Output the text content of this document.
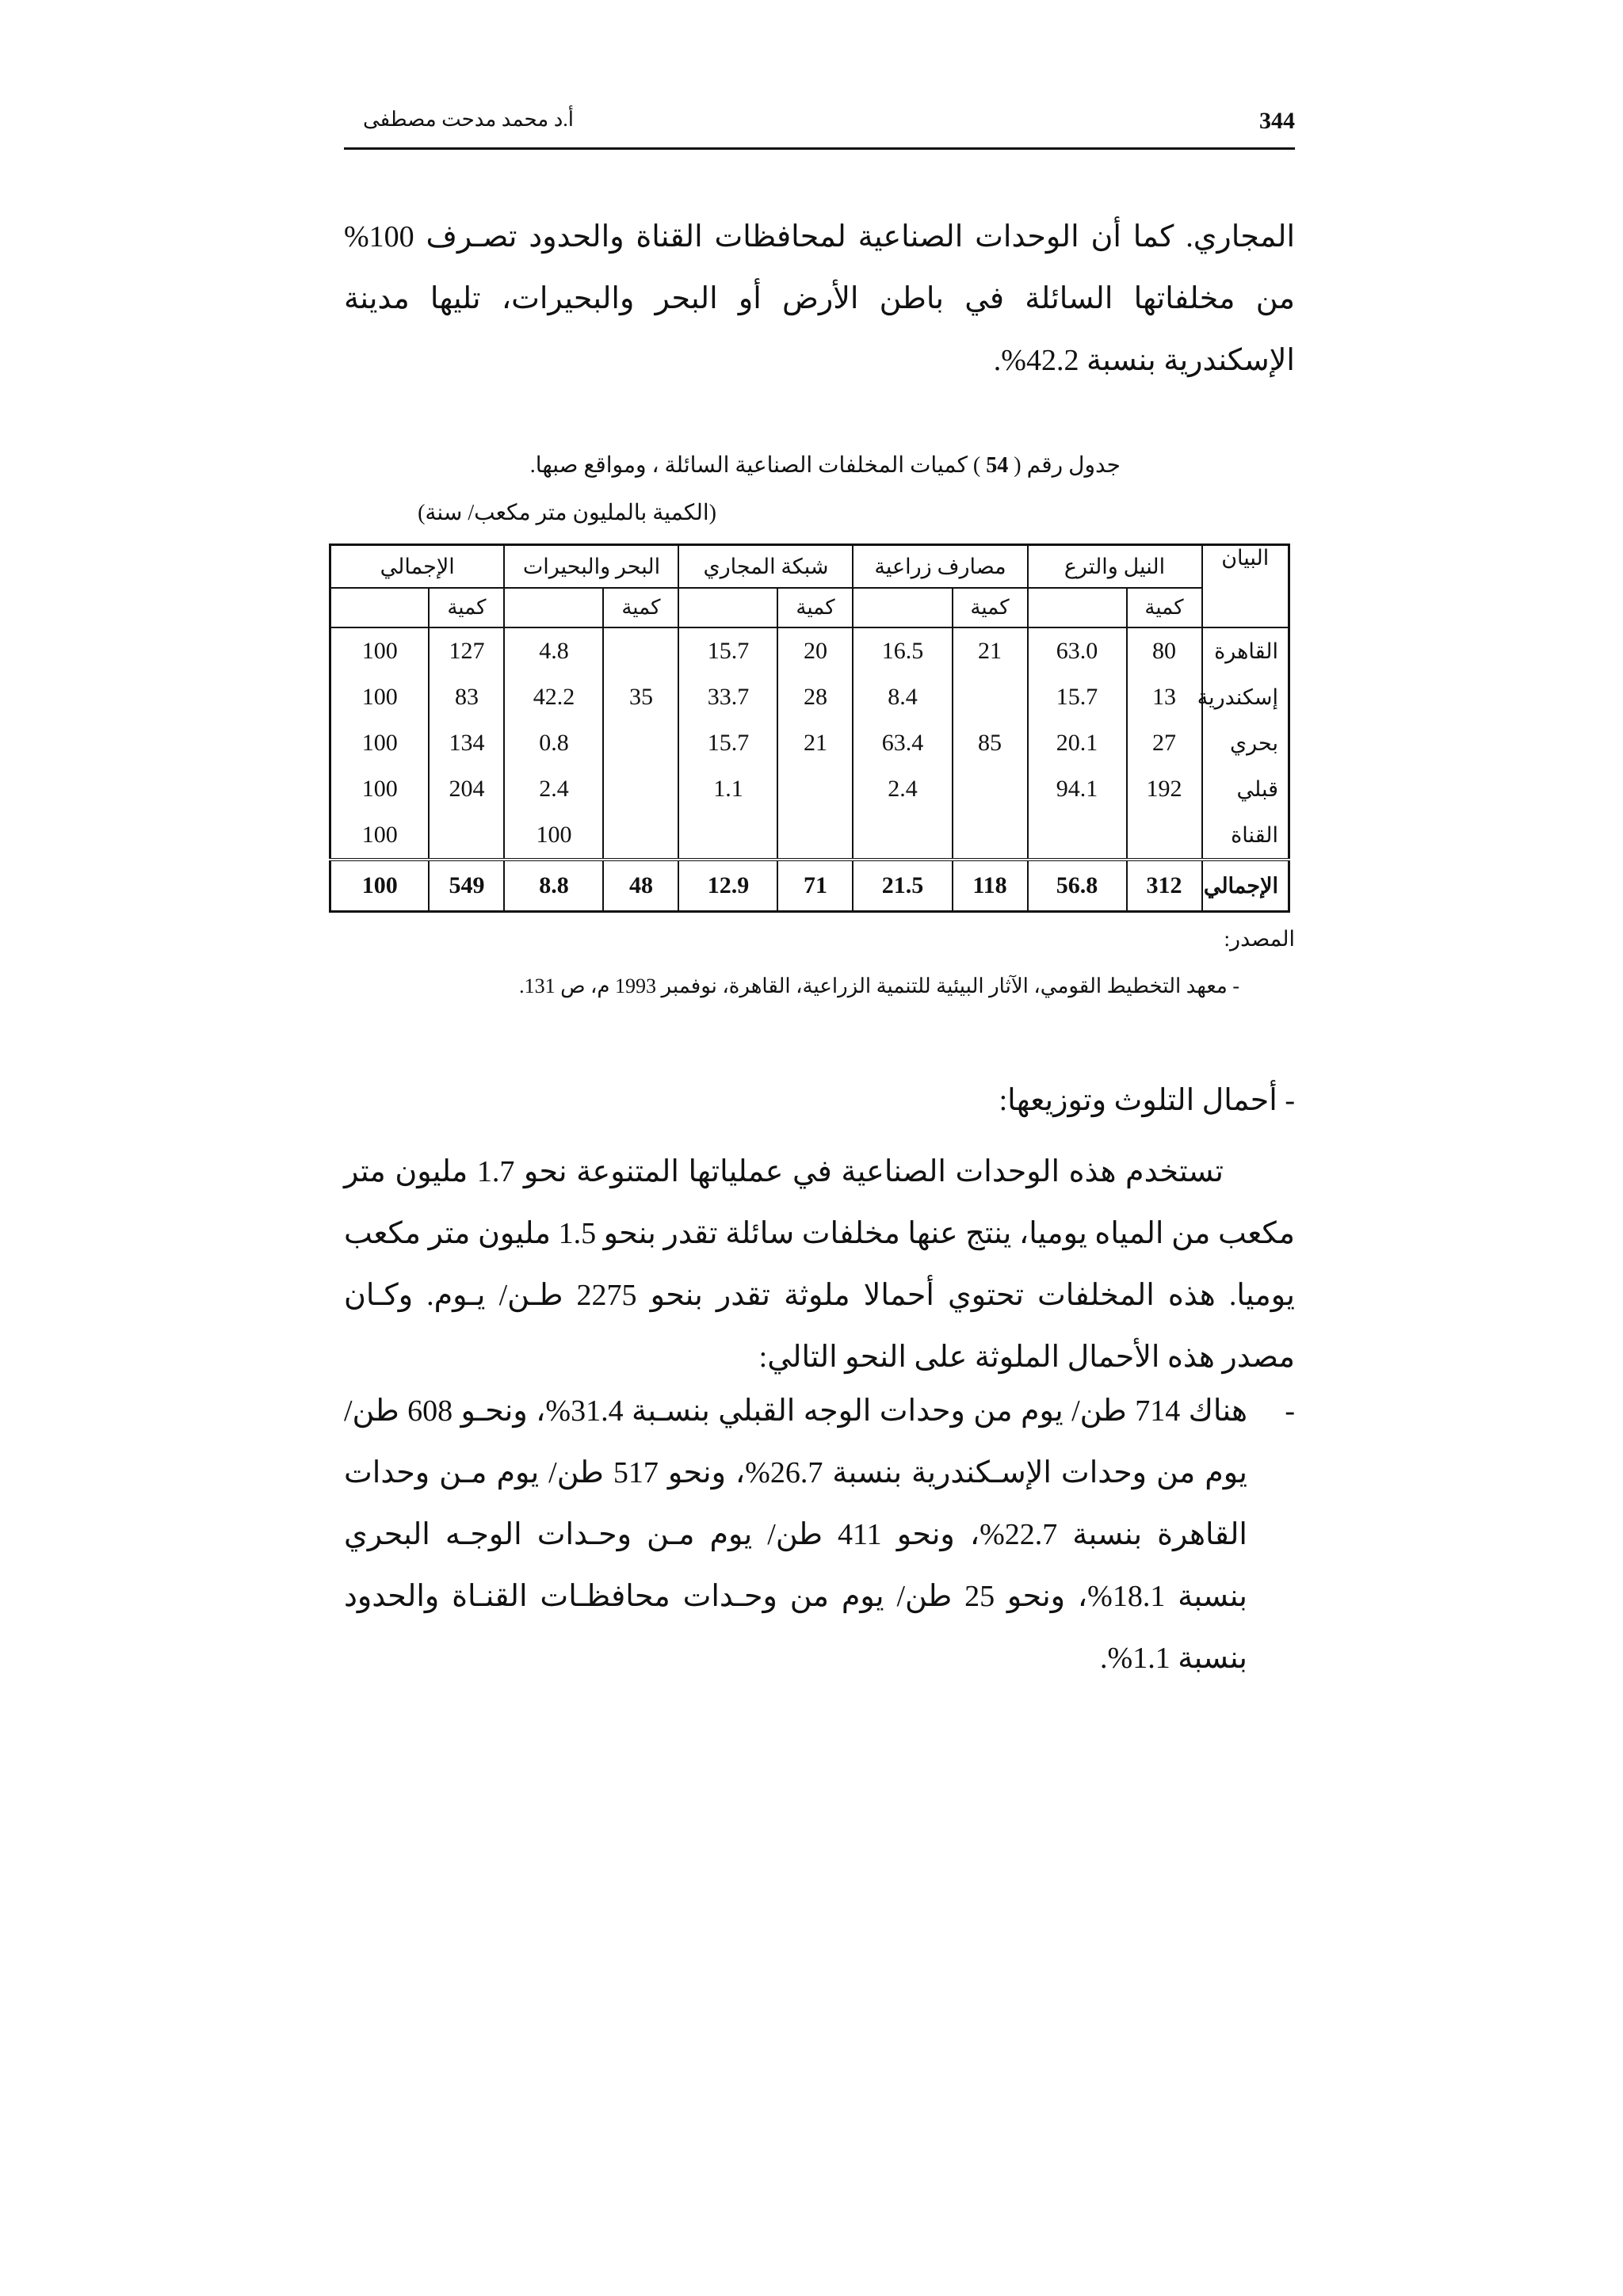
344
أ.د محمد مدحت مصطفى

المجاري. كما أن الوحدات الصناعية لمحافظات القناة والحدود تصـرف 100% من مخلفاتها السائلة في باطن الأرض أو البحر والبحيرات، تليها مدينة الإسكندرية بنسبة 42.2%.

جدول رقم ( 54 ) كميات المخلفات الصناعية السائلة ، ومواقع صبها.
(الكمية بالمليون متر مكعب/ سنة)
البيان	النيل والترع		مصارف زراعية		شبكة المجاري		البحر والبحيرات		الإجمالي	
	كمية		كمية		كمية		كمية		كمية	
القاهرة	80	63.0	21	16.5	20	15.7		4.8	127	100
إسكندرية	13	15.7		8.4	28	33.7	35	42.2	83	100
بحري	27	20.1	85	63.4	21	15.7		0.8	134	100
قبلي	192	94.1		2.4		1.1		2.4	204	100
القناة								100		100
الإجمالي	312	56.8	118	21.5	71	12.9	48	8.8	549	100
المصدر:
- معهد التخطيط القومي، الآثار البيئية للتنمية الزراعية، القاهرة، نوفمبر 1993 م، ص 131.
- أحمال التلوث وتوزيعها:

تستخدم هذه الوحدات الصناعية في عملياتها المتنوعة نحو 1.7 مليون متر مكعب من المياه يوميا، ينتج عنها مخلفات سائلة تقدر بنحو 1.5 مليون متر مكعب يوميا. هذه المخلفات تحتوي أحمالا ملوثة تقدر بنحو 2275 طـن/ يـوم. وكـان مصدر هذه الأحمال الملوثة على النحو التالي:

-

هناك 714 طن/ يوم من وحدات الوجه القبلي بنسـبة 31.4%، ونحـو 608 طن/ يوم من وحدات الإسـكندرية بنسبة 26.7%، ونحو 517 طن/ يوم مـن وحدات القاهرة بنسبة 22.7%، ونحو 411 طن/ يوم مـن وحـدات الوجـه البحري بنسبة 18.1%، ونحو 25 طن/ يوم من وحـدات محافظـات القنـاة والحدود بنسبة 1.1%.
